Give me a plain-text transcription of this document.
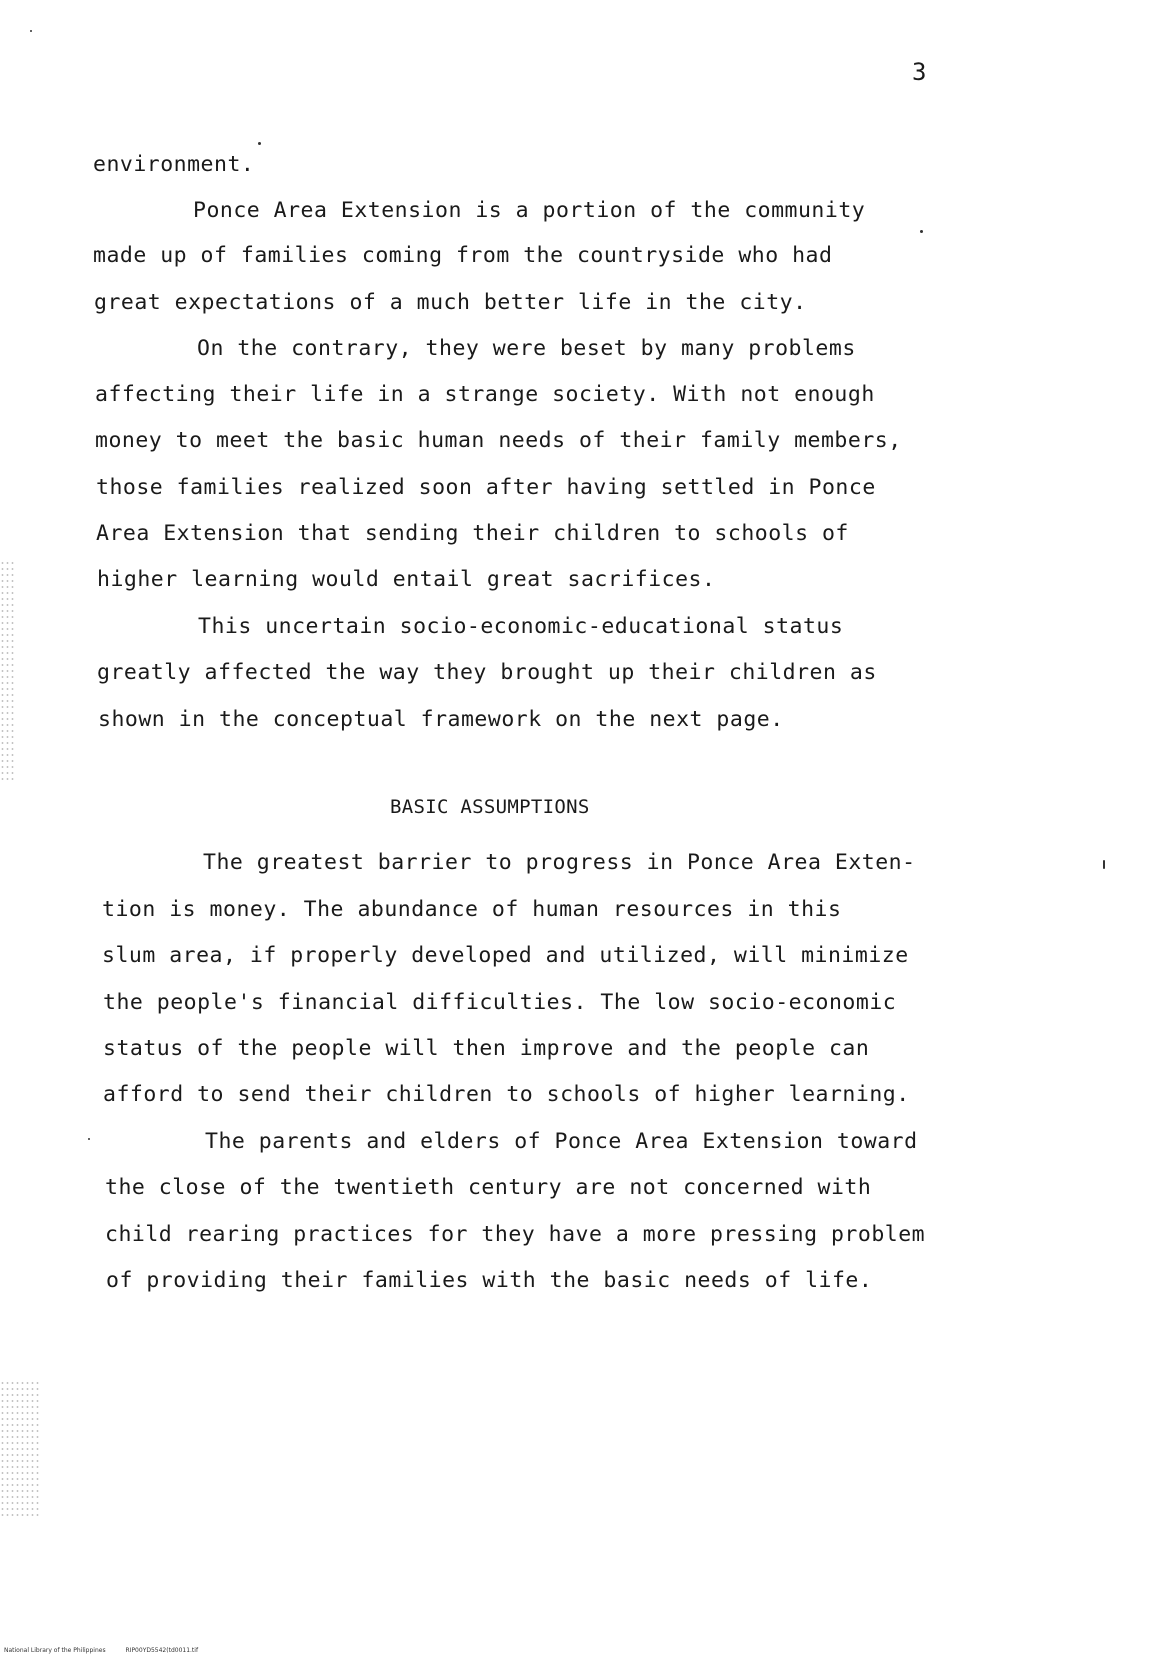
3
environment.
Ponce Area Extension is a portion of the community
made up of families coming from the countryside who had
great expectations of a much better life in the city.
On the contrary, they were beset by many problems
affecting their life in a strange society. With not enough
money to meet the basic human needs of their family members,
those families realized soon after having settled in Ponce
Area Extension that sending their children to schools of
higher learning would entail great sacrifices.
This uncertain socio-economic-educational status
greatly affected the way they brought up their children as
shown in the conceptual framework on the next page.
BASIC ASSUMPTIONS
The greatest barrier to progress in Ponce Area Exten-
tion is money. The abundance of human resources in this
slum area, if properly developed and utilized, will minimize
the people's financial difficulties. The low socio-economic
status of the people will then improve and the people can
afford to send their children to schools of higher learning.
The parents and elders of Ponce Area Extension toward
the close of the twentieth century are not concerned with
child rearing practices for they have a more pressing problem
of providing their families with the basic needs of life.
National Library of the Philippines	RIP00YD5542(td0011.tif
